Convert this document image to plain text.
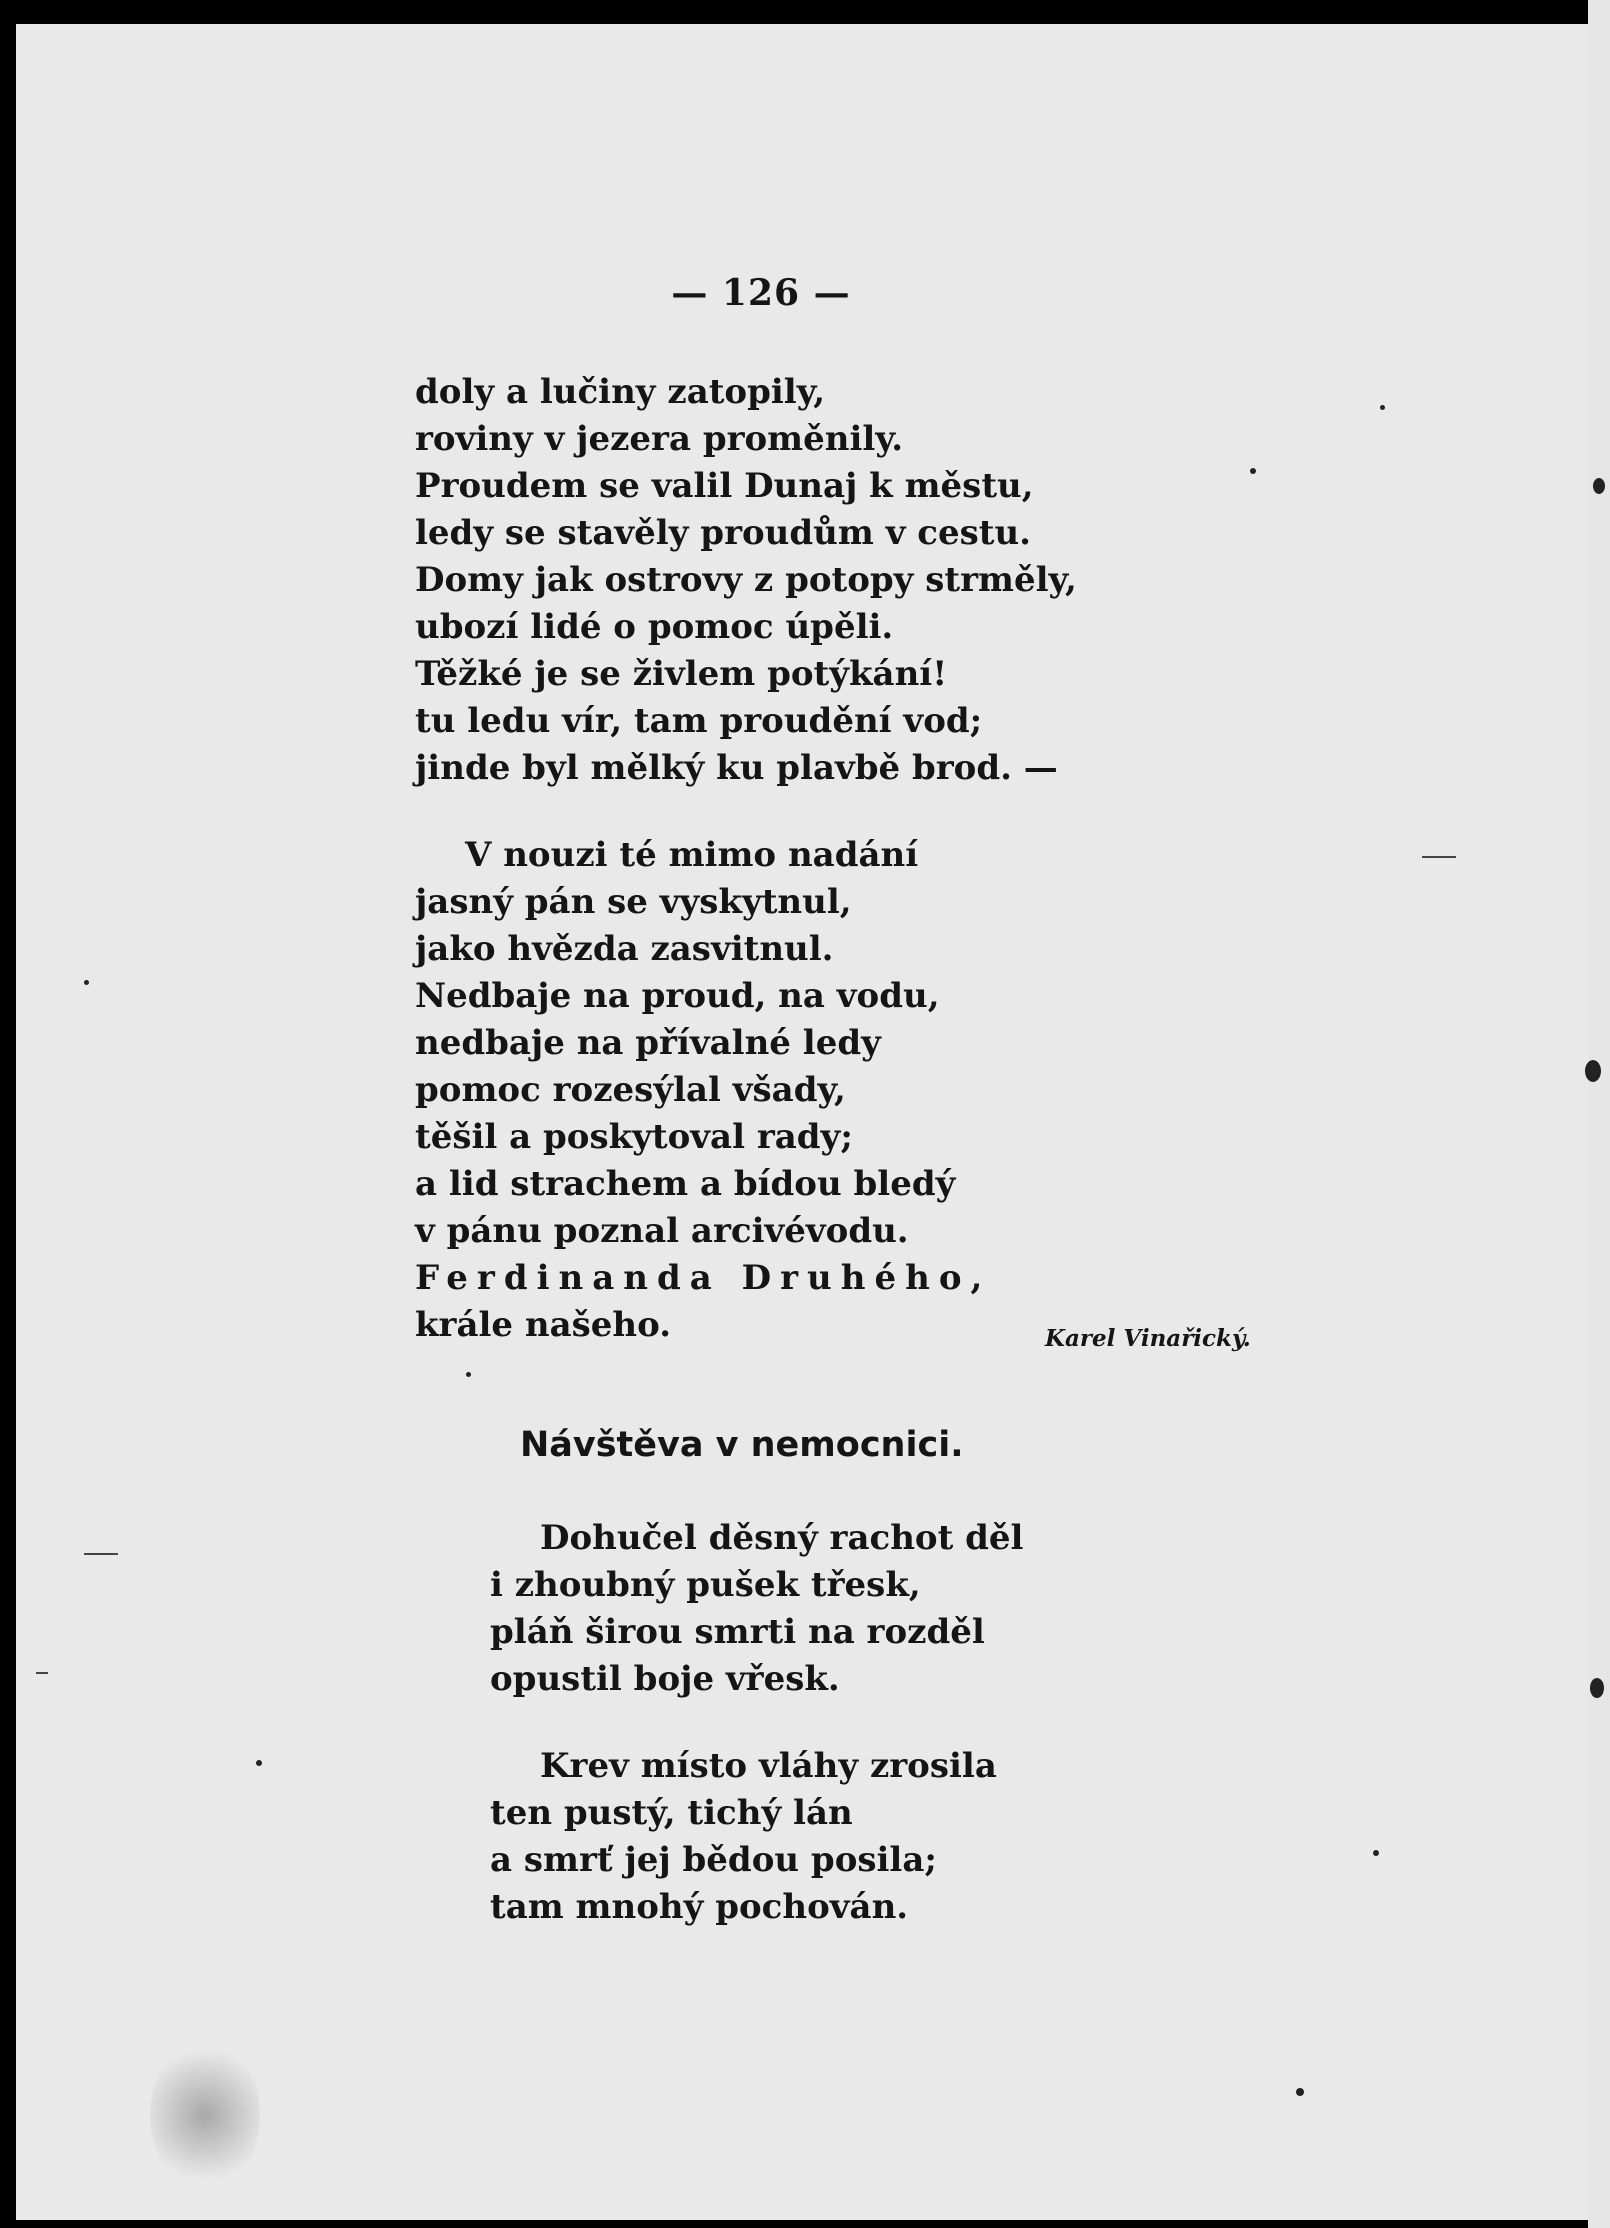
— 126 —
doly a lučiny zatopily,
roviny v jezera proměnily.
Proudem se valil Dunaj k městu,
ledy se stavěly proudům v cestu.
Domy jak ostrovy z potopy strměly,
ubozí lidé o pomoc úpěli.
Těžké je se živlem potýkání!
tu ledu vír, tam proudění vod;
jinde byl mělký ku plavbě brod. —
V nouzi té mimo nadání
jasný pán se vyskytnul,
jako hvězda zasvitnul.
Nedbaje na proud, na vodu,
nedbaje na přívalné ledy
pomoc rozesýlal všady,
těšil a poskytoval rady;
a lid strachem a bídou bledý
v pánu poznal arcivévodu.
Ferdinanda Druhého,
krále našeho.	Karel Vinařický.
Návštěva v nemocnici.
Dohučel děsný rachot děl
i zhoubný pušek třesk,
pláň širou smrti na rozděl
opustil boje vřesk.
Krev místo vláhy zrosila
ten pustý, tichý lán
a smrť jej bědou posila;
tam mnohý pochován.
